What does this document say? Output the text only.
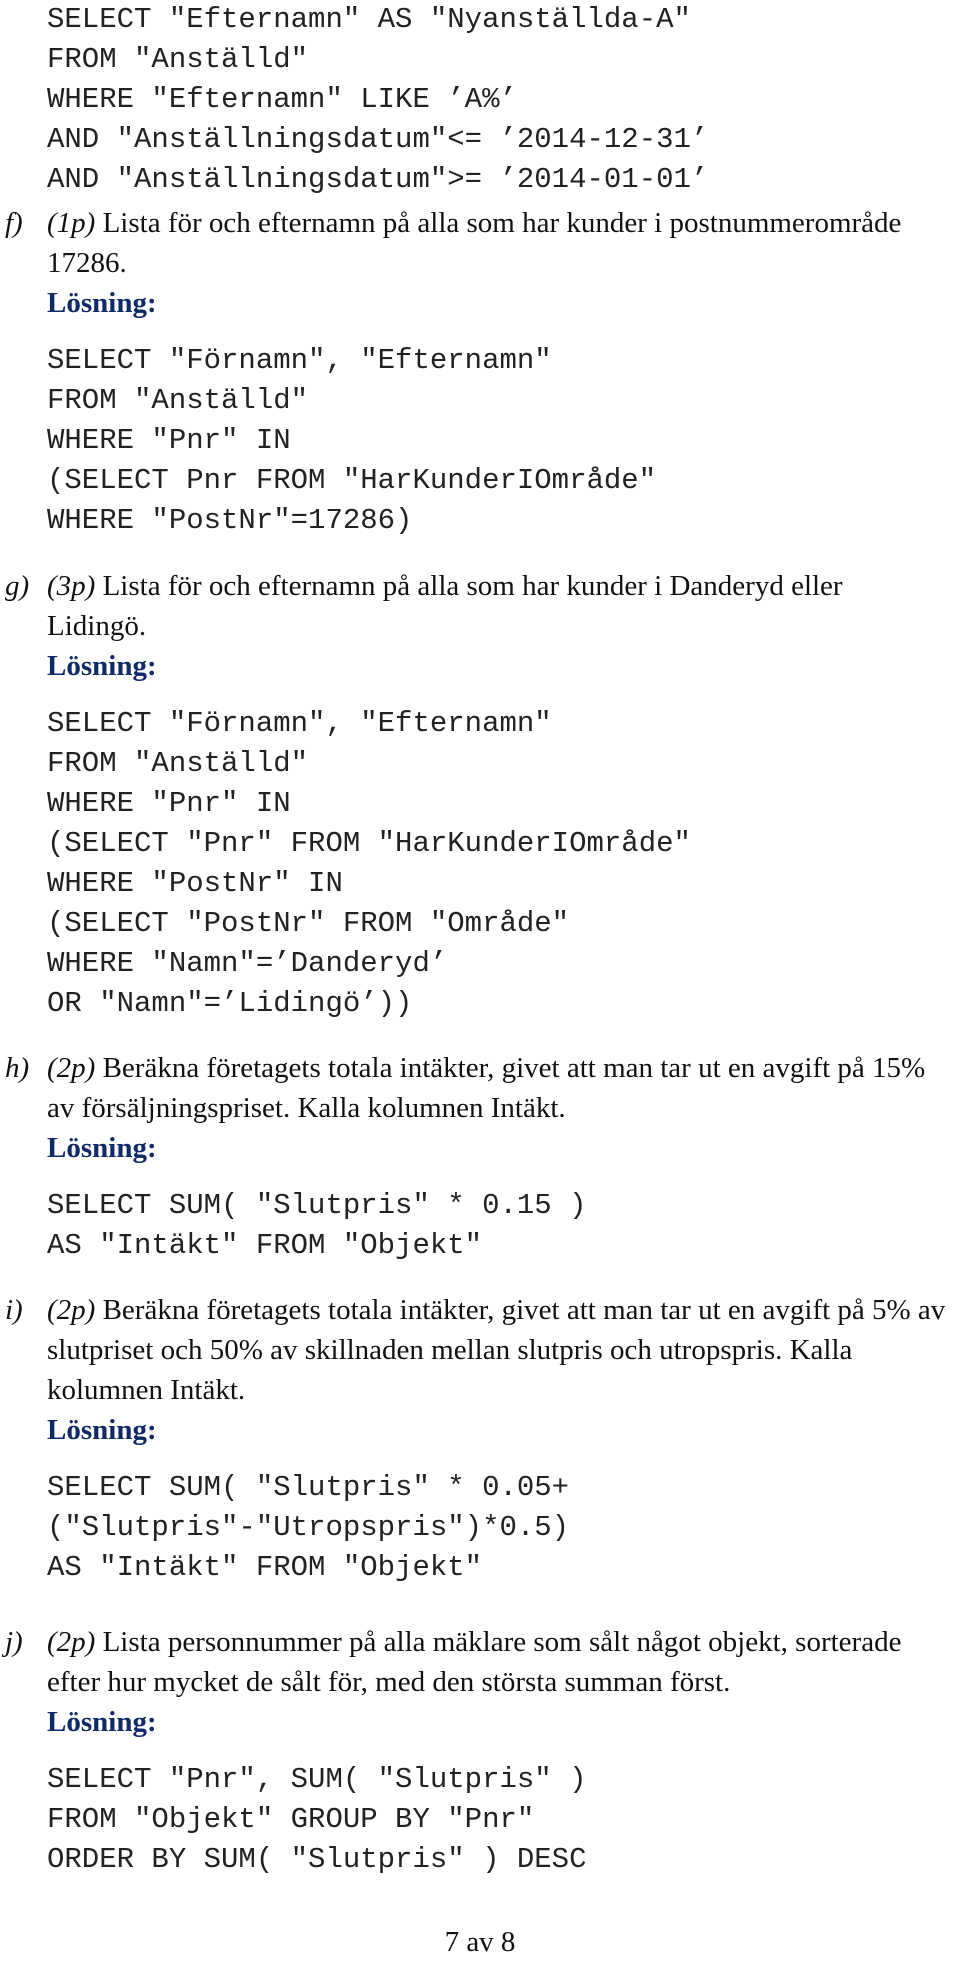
SELECT "Efternamn" AS "Nyanställda-A"
FROM "Anställd"
WHERE "Efternamn" LIKE ’A%’
AND "Anställningsdatum"<= ’2014-12-31’
AND "Anställningsdatum">= ’2014-01-01’
f) (1p) Lista för och efternamn på alla som har kunder i postnummerområde 17286.
Lösning:
SELECT "Förnamn", "Efternamn"
FROM "Anställd"
WHERE "Pnr" IN
(SELECT Pnr FROM "HarKunderIOmråde"
WHERE "PostNr"=17286)
g) (3p) Lista för och efternamn på alla som har kunder i Danderyd eller Lidingö.
Lösning:
SELECT "Förnamn", "Efternamn"
FROM "Anställd"
WHERE "Pnr" IN
(SELECT "Pnr" FROM "HarKunderIOmråde"
WHERE "PostNr" IN
(SELECT "PostNr" FROM "Område"
WHERE "Namn"=’Danderyd’
OR "Namn"=’Lidingö’))
h) (2p) Beräkna företagets totala intäkter, givet att man tar ut en avgift på 15% av försäljningspriset. Kalla kolumnen Intäkt.
Lösning:
SELECT SUM( "Slutpris" * 0.15 )
AS "Intäkt" FROM "Objekt"
i) (2p) Beräkna företagets totala intäkter, givet att man tar ut en avgift på 5% av slutpriset och 50% av skillnaden mellan slutpris och utropspris. Kalla kolumnen Intäkt.
Lösning:
SELECT SUM( "Slutpris" * 0.05+
("Slutpris"-"Utropspris")*0.5)
AS "Intäkt" FROM "Objekt"
j) (2p) Lista personnummer på alla mäklare som sålt något objekt, sorterade efter hur mycket de sålt för, med den största summan först.
Lösning:
SELECT "Pnr", SUM( "Slutpris" )
FROM "Objekt" GROUP BY "Pnr"
ORDER BY SUM( "Slutpris" ) DESC
7 av 8
